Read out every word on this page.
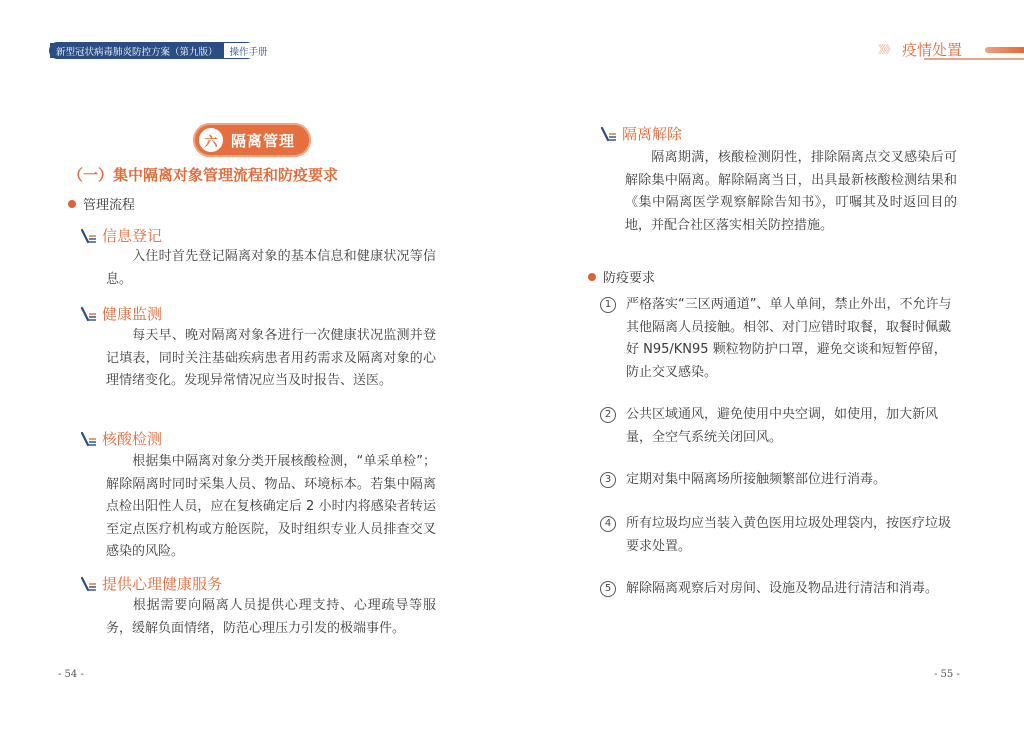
新型冠状病毒肺炎防控方案（第九版）	操作手册	》》》 疫情处置
六 隔离管理
（一）集中隔离对象管理流程和防疫要求
管理流程
信息登记
入住时首先登记隔离对象的基本信息和健康状况等信息。
健康监测
每天早、晚对隔离对象各进行一次健康状况监测并登记填表，同时关注基础疾病患者用药需求及隔离对象的心理情绪变化。发现异常情况应当及时报告、送医。
核酸检测
根据集中隔离对象分类开展核酸检测，“单采单检”；解除隔离时同时采集人员、物品、环境标本。若集中隔离点检出阳性人员，应在复核确定后 2 小时内将感染者转运至定点医疗机构或方舱医院，及时组织专业人员排查交叉感染的风险。
提供心理健康服务
根据需要向隔离人员提供心理支持、心理疏导等服务，缓解负面情绪，防范心理压力引发的极端事件。
- 54 -
隔离解除
隔离期满，核酸检测阴性，排除隔离点交叉感染后可解除集中隔离。解除隔离当日，出具最新核酸检测结果和《集中隔离医学观察解除告知书》，叮嘱其及时返回目的地，并配合社区落实相关防控措施。
防疫要求
1	严格落实“三区两通道”、单人单间，禁止外出，不允许与其他隔离人员接触。相邻、对门应错时取餐，取餐时佩戴好 N95/KN95 颗粒物防护口罩，避免交谈和短暂停留，防止交叉感染。
2	公共区域通风，避免使用中央空调，如使用，加大新风量，全空气系统关闭回风。
3	定期对集中隔离场所接触频繁部位进行消毒。
4	所有垃圾均应当装入黄色医用垃圾处理袋内，按医疗垃圾要求处置。
5	解除隔离观察后对房间、设施及物品进行清洁和消毒。
- 55 -
